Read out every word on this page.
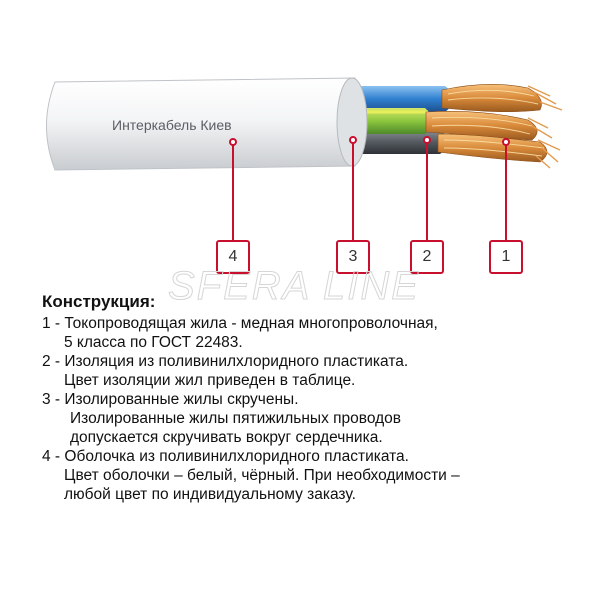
Интеркабель Киев
4	3	2	1
SFERA LINE
Конструкция:
1 - Токопроводящая жила - медная многопроволочная,
5 класса по ГОСТ 22483.
2 - Изоляция из поливинилхлоридного пластиката.
Цвет изоляции жил приведен в таблице.
3 - Изолированные жилы скручены.
Изолированные жилы пятижильных проводов
допускается скручивать вокруг сердечника.
4 - Оболочка из поливинилхлоридного пластиката.
Цвет оболочки – белый, чёрный. При необходимости –
любой цвет по индивидуальному заказу.
